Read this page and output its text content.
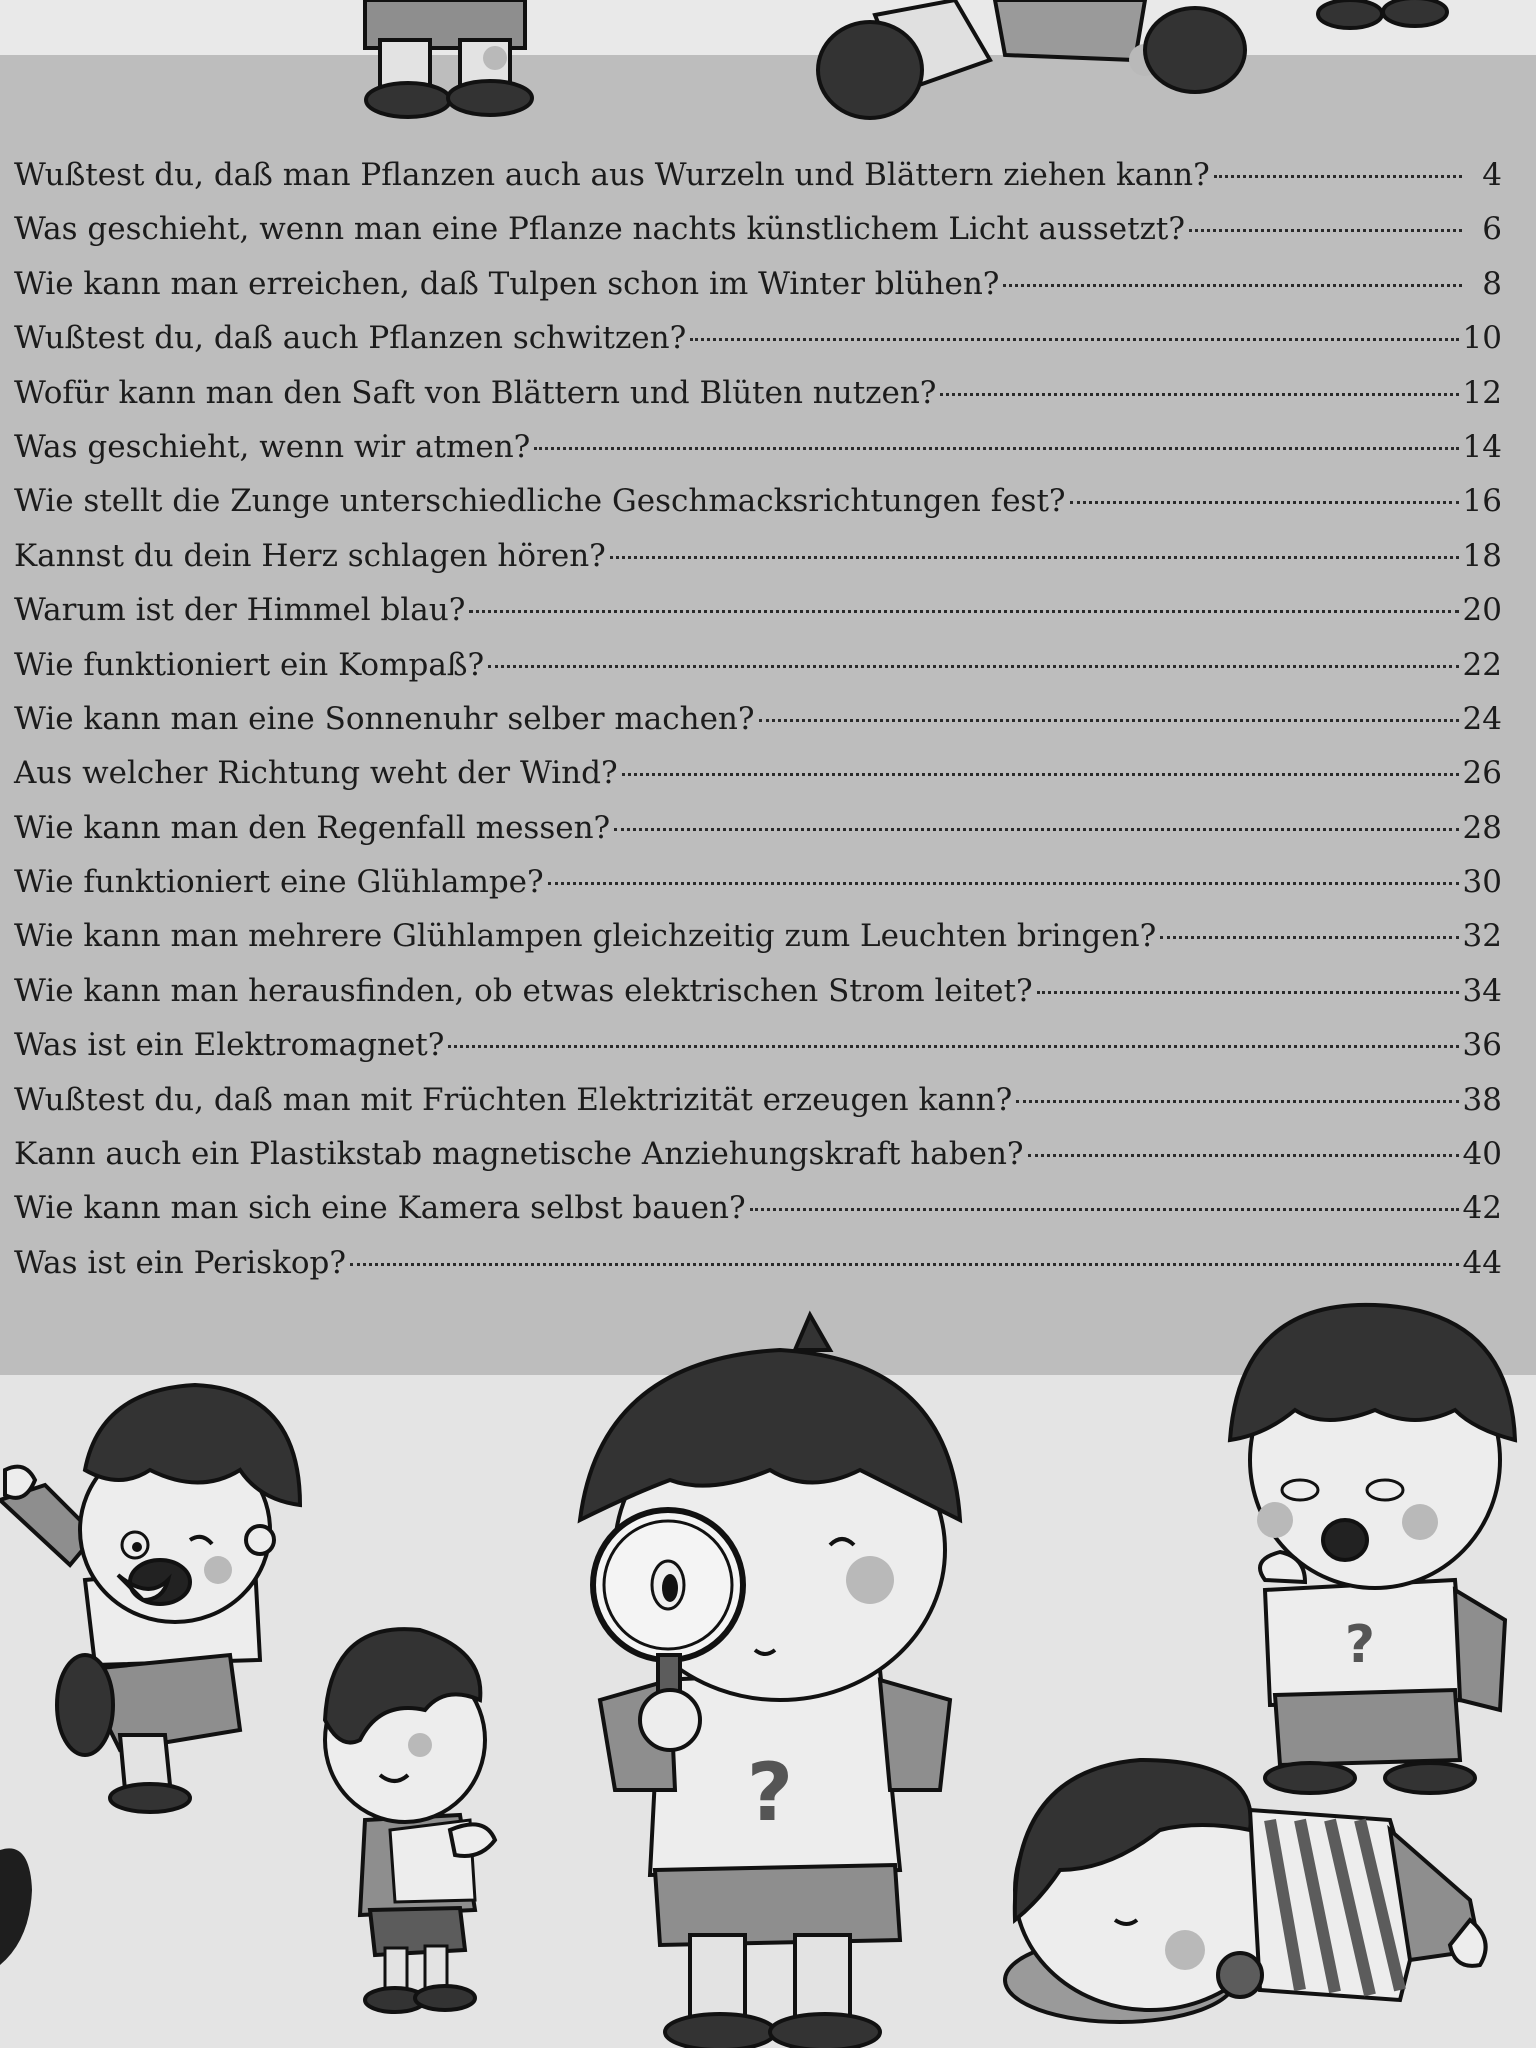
Wußtest du, daß man Pflanzen auch aus Wurzeln und Blättern ziehen kann?	4
Was geschieht, wenn man eine Pflanze nachts künstlichem Licht aussetzt?	6
Wie kann man erreichen, daß Tulpen schon im Winter blühen?	8
Wußtest du, daß auch Pflanzen schwitzen?	10
Wofür kann man den Saft von Blättern und Blüten nutzen?	12
Was geschieht, wenn wir atmen?	14
Wie stellt die Zunge unterschiedliche Geschmacksrichtungen fest?	16
Kannst du dein Herz schlagen hören?	18
Warum ist der Himmel blau?	20
Wie funktioniert ein Kompaß?	22
Wie kann man eine Sonnenuhr selber machen?	24
Aus welcher Richtung weht der Wind?	26
Wie kann man den Regenfall messen?	28
Wie funktioniert eine Glühlampe?	30
Wie kann man mehrere Glühlampen gleichzeitig zum Leuchten bringen?	32
Wie kann man herausfinden, ob etwas elektrischen Strom leitet?	34
Was ist ein Elektromagnet?	36
Wußtest du, daß man mit Früchten Elektrizität erzeugen kann?	38
Kann auch ein Plastikstab magnetische Anziehungskraft haben?	40
Wie kann man sich eine Kamera selbst bauen?	42
Was ist ein Periskop?	44
?
?
